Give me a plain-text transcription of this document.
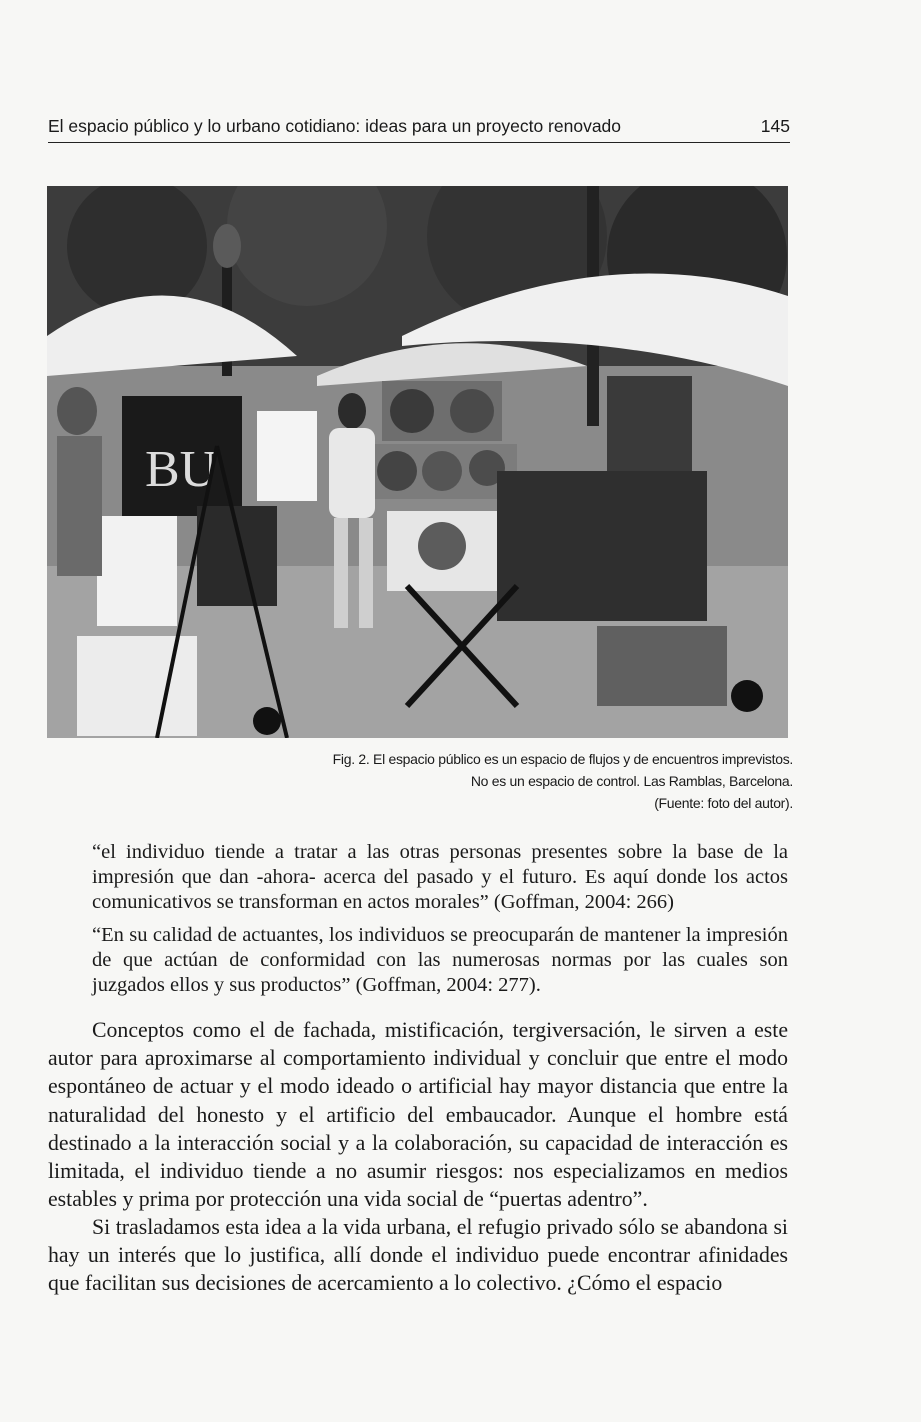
El espacio público y lo urbano cotidiano: ideas para un proyecto renovado	145
BU
Fig. 2. El espacio público es un espacio de flujos y de encuentros imprevistos.
No es un espacio de control. Las Ramblas, Barcelona.
(Fuente: foto del autor).
“el individuo tiende a tratar a las otras personas presentes sobre la base de la impresión que dan -ahora- acerca del pasado y el futuro. Es aquí donde los actos comunicativos se transforman en actos morales” (Goffman, 2004: 266)
“En su calidad de actuantes, los individuos se preocuparán de mantener la impresión de que actúan de conformidad con las numerosas normas por las cuales son juzgados ellos y sus productos” (Goffman, 2004: 277).
Conceptos como el de fachada, mistificación, tergiversación, le sirven a este autor para aproximarse al comportamiento individual y concluir que entre el modo espontáneo de actuar y el modo ideado o artificial hay mayor distancia que entre la naturalidad del honesto y el artificio del embaucador. Aunque el hombre está destinado a la interacción social y a la colaboración, su capacidad de interacción es limitada, el individuo tiende a no asumir riesgos: nos especializamos en medios estables y prima por protección una vida social de “puertas adentro”.
Si trasladamos esta idea a la vida urbana, el refugio privado sólo se abandona si hay un interés que lo justifica, allí donde el individuo puede encontrar afinidades que facilitan sus decisiones de acercamiento a lo colectivo. ¿Cómo el espacio
